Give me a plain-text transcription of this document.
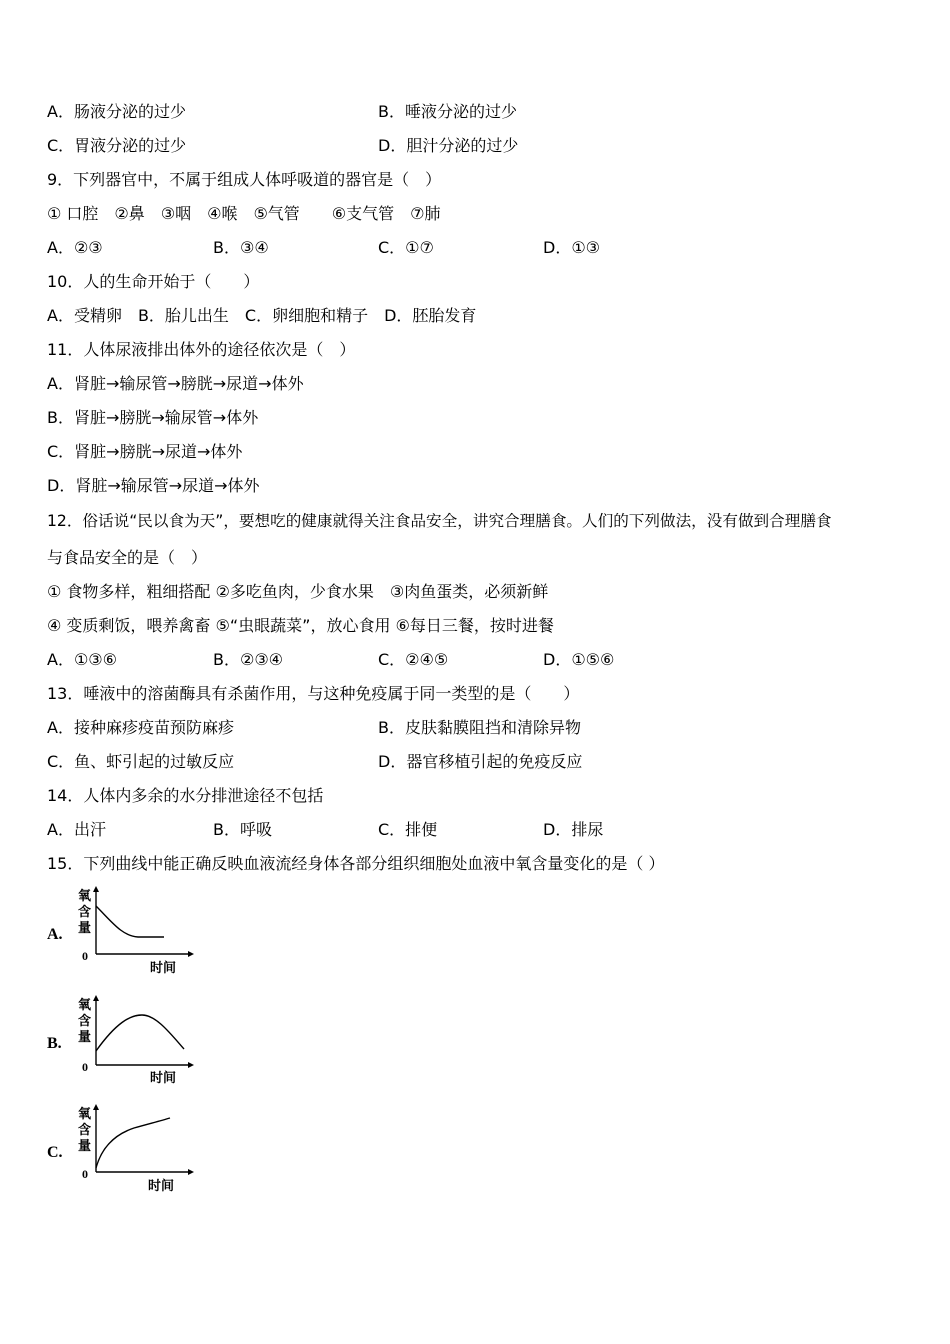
A．肠液分泌的过少	B．唾液分泌的过少
C．胃液分泌的过少	D．胆汁分泌的过少
9．下列器官中，不属于组成人体呼吸道的器官是（　）
① 口腔　②鼻　③咽　④喉　⑤气管　　⑥支气管　⑦肺
A．②③	B．③④	C．①⑦	D．①③
10．人的生命开始于（　　）
A．受精卵　B．胎儿出生　C．卵细胞和精子　D．胚胎发育
11．人体尿液排出体外的途径依次是（　）
A．肾脏→输尿管→膀胱→尿道→体外
B．肾脏→膀胱→输尿管→体外
C．肾脏→膀胱→尿道→体外
D．肾脏→输尿管→尿道→体外
12．俗话说“民以食为天”，要想吃的健康就得关注食品安全，讲究合理膳食。人们的下列做法，没有做到合理膳食
与食品安全的是（　）
① 食物多样，粗细搭配 ②多吃鱼肉，少食水果　③肉鱼蛋类，必须新鲜
④ 变质剩饭，喂养禽畜 ⑤“虫眼蔬菜”，放心食用 ⑥每日三餐，按时进餐
A．①③⑥	B．②③④	C．②④⑤	D．①⑤⑥
13．唾液中的溶菌酶具有杀菌作用，与这种免疫属于同一类型的是（　　）
A．接种麻疹疫苗预防麻疹	B．皮肤黏膜阻挡和清除异物
C．鱼、虾引起的过敏反应	D．器官移植引起的免疫反应
14．人体内多余的水分排泄途径不包括
A．出汗	B．呼吸	C．排便	D．排尿
15．下列曲线中能正确反映血液流经身体各部分组织细胞处血液中氧含量变化的是（ ）
A.
氧
含
量
0
时间
B.
氧
含
量
0
时间
C.
氧
含
量
0
时间
